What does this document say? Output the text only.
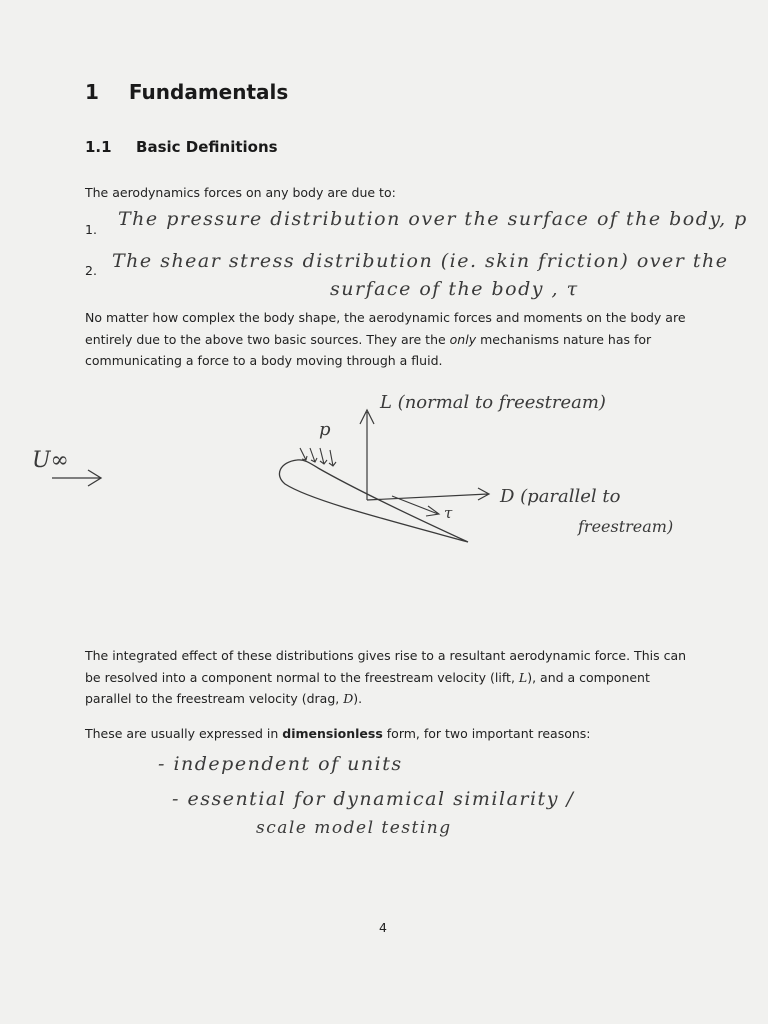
1 Fundamentals
1.1 Basic Definitions
The aerodynamics forces on any body are due to:
1. The pressure distribution over the surface of the body, p
2. The shear stress distribution (ie. skin friction) over the
surface of the body , τ
No matter how complex the body shape, the aerodynamic forces and moments on the body are entirely due to the above two basic sources. They are the only mechanisms nature has for communicating a force to a body moving through a fluid.
U∞
p
L (normal to freestream)
D (parallel to
freestream)
τ
The integrated effect of these distributions gives rise to a resultant aerodynamic force. This can be resolved into a component normal to the freestream velocity (lift, L), and a component parallel to the freestream velocity (drag, D).
These are usually expressed in dimensionless form, for two important reasons:
- independent of units
- essential for dynamical similarity /
scale model testing
4
